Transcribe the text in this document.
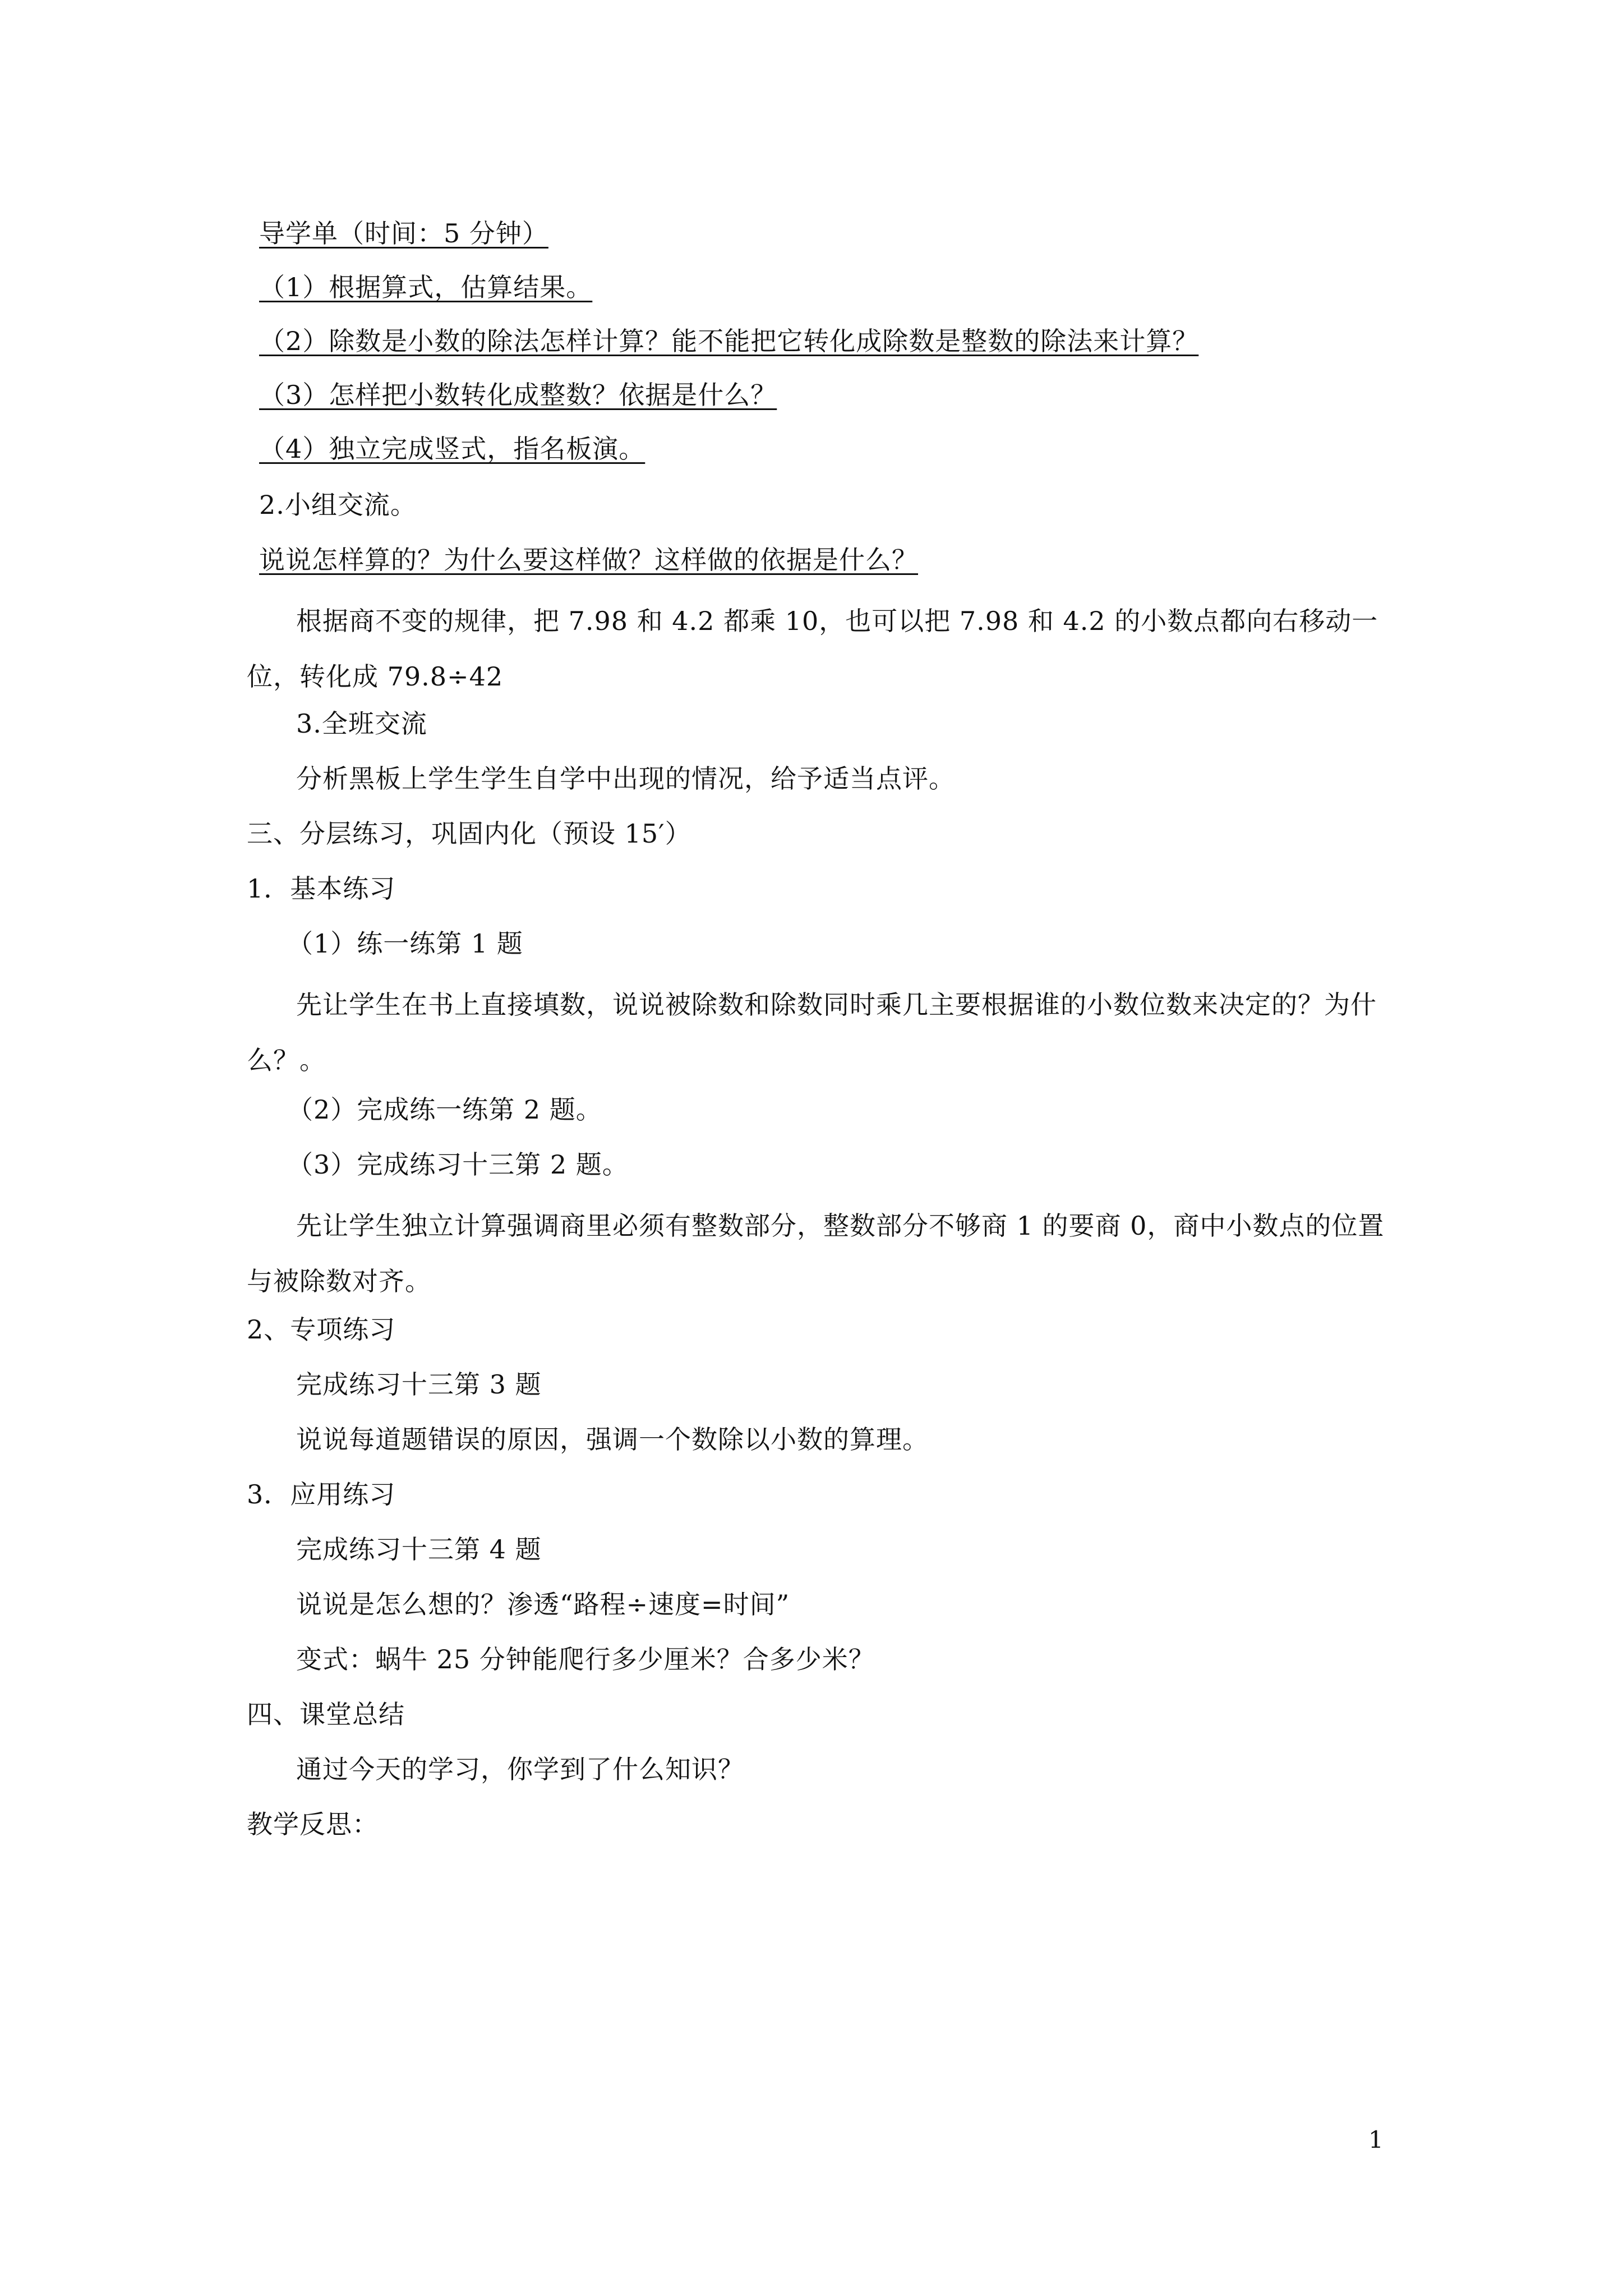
导学单（时间：5 分钟）
（1）根据算式，估算结果。
（2）除数是小数的除法怎样计算？能不能把它转化成除数是整数的除法来计算？
（3）怎样把小数转化成整数？依据是什么？
（4）独立完成竖式，指名板演。
2.小组交流。
说说怎样算的？为什么要这样做？这样做的依据是什么？
根据商不变的规律，把 7.98 和 4.2 都乘 10，也可以把 7.98 和 4.2 的小数点都向右移动一位，转化成 79.8÷42
3.全班交流
分析黑板上学生学生自学中出现的情况，给予适当点评。
三、分层练习，巩固内化（预设 15′）
1．基本练习
（1）练一练第 1 题
先让学生在书上直接填数，说说被除数和除数同时乘几主要根据谁的小数位数来决定的？为什么？。
（2）完成练一练第 2 题。
（3）完成练习十三第 2 题。
先让学生独立计算强调商里必须有整数部分，整数部分不够商 1 的要商 0，商中小数点的位置与被除数对齐。
2、专项练习
完成练习十三第 3 题
说说每道题错误的原因，强调一个数除以小数的算理。
3．应用练习
完成练习十三第 4 题
说说是怎么想的？渗透“路程÷速度=时间”
变式：蜗牛 25 分钟能爬行多少厘米？合多少米？
四、课堂总结
通过今天的学习，你学到了什么知识？
教学反思：
1
